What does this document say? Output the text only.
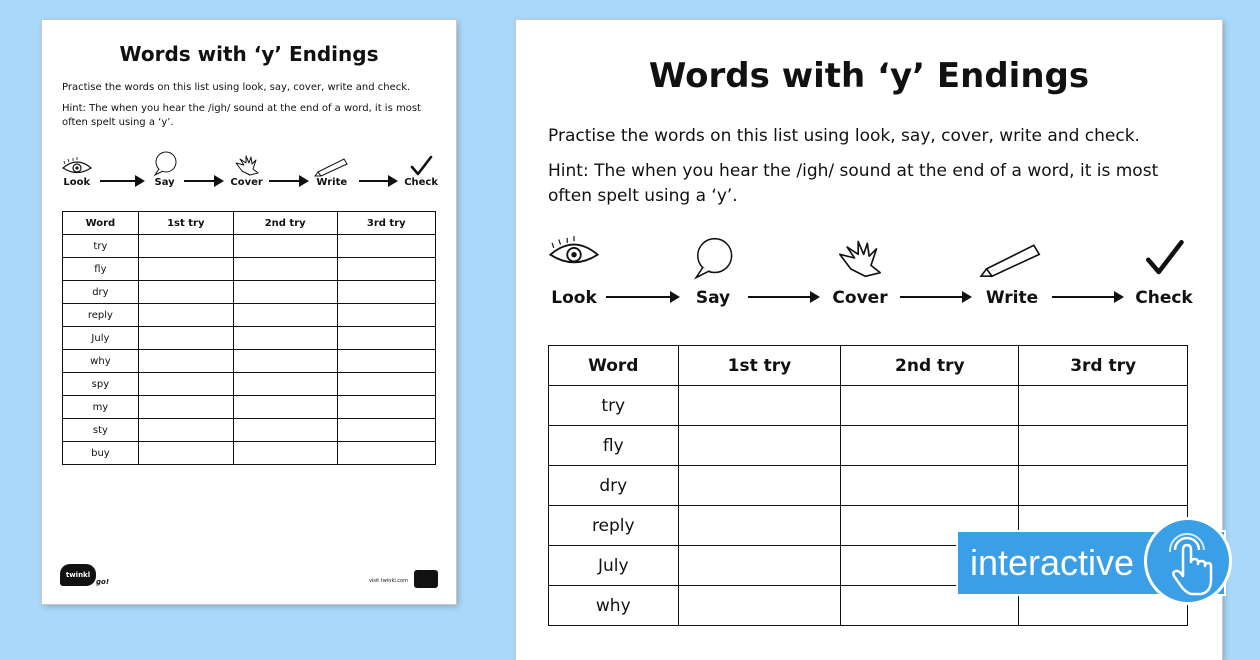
Words with ‘y’ Endings
Practise the words on this list using look, say, cover, write and check.
Hint: The when you hear the /igh/ sound at the end of a word, it is most often spelt using a ‘y’.
Look	Say	Cover	Write	Check
Word	1st try	2nd try	3rd try
try			
fly			
dry			
reply			
July			
why			
spy			
my			
sty			
buy			
twinkl
go!	visit twinkl.com
Words with ‘y’ Endings
Practise the words on this list using look, say, cover, write and check.
Hint: The when you hear the /igh/ sound at the end of a word, it is most often spelt using a ‘y’.
Look	Say	Cover	Write	Check
Word	1st try	2nd try	3rd try
try			
fly			
dry			
reply			
July			
why			
interactive
